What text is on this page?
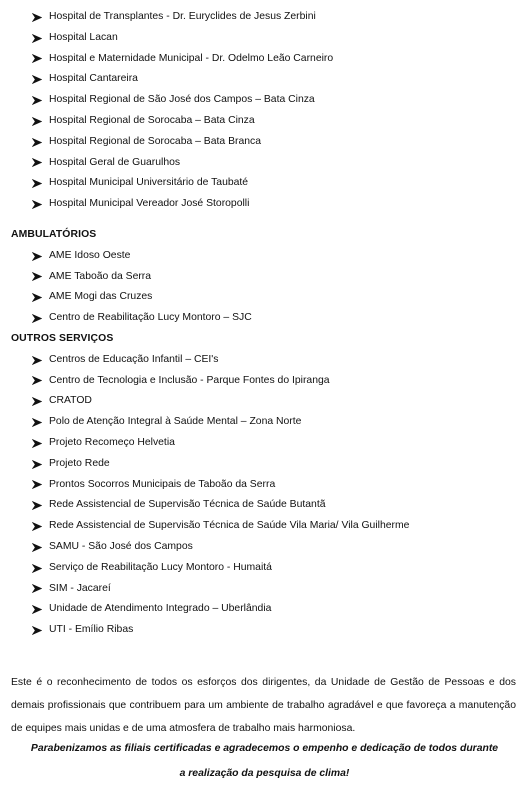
Hospital de Transplantes - Dr. Euryclides de Jesus Zerbini
Hospital Lacan
Hospital e Maternidade Municipal - Dr. Odelmo Leão Carneiro
Hospital Cantareira
Hospital Regional de São José dos Campos – Bata Cinza
Hospital Regional de Sorocaba – Bata Cinza
Hospital Regional de Sorocaba – Bata Branca
Hospital Geral de Guarulhos
Hospital Municipal Universitário de Taubaté
Hospital Municipal Vereador José Storopolli
AMBULATÓRIOS
AME Idoso Oeste
AME Taboão da Serra
AME Mogi das Cruzes
Centro de Reabilitação Lucy Montoro – SJC
OUTROS SERVIÇOS
Centros de Educação Infantil – CEI's
Centro de Tecnologia e Inclusão - Parque Fontes do Ipiranga
CRATOD
Polo de Atenção Integral à Saúde Mental – Zona Norte
Projeto Recomeço Helvetia
Projeto Rede
Prontos Socorros Municipais de Taboão da Serra
Rede Assistencial de Supervisão Técnica de Saúde Butantã
Rede Assistencial de Supervisão Técnica de Saúde Vila Maria/ Vila Guilherme
SAMU - São José dos Campos
Serviço de Reabilitação Lucy Montoro - Humaitá
SIM - Jacareí
Unidade de Atendimento Integrado – Uberlândia
UTI - Emílio Ribas

Este é o reconhecimento de todos os esforços dos dirigentes, da Unidade de Gestão de Pessoas e dos demais profissionais que contribuem para um ambiente de trabalho agradável e que favoreça a manutenção de equipes mais unidas e de uma atmosfera de trabalho mais harmoniosa.

Parabenizamos as filiais certificadas e agradecemos o empenho e dedicação de todos durante a realização da pesquisa de clima!
